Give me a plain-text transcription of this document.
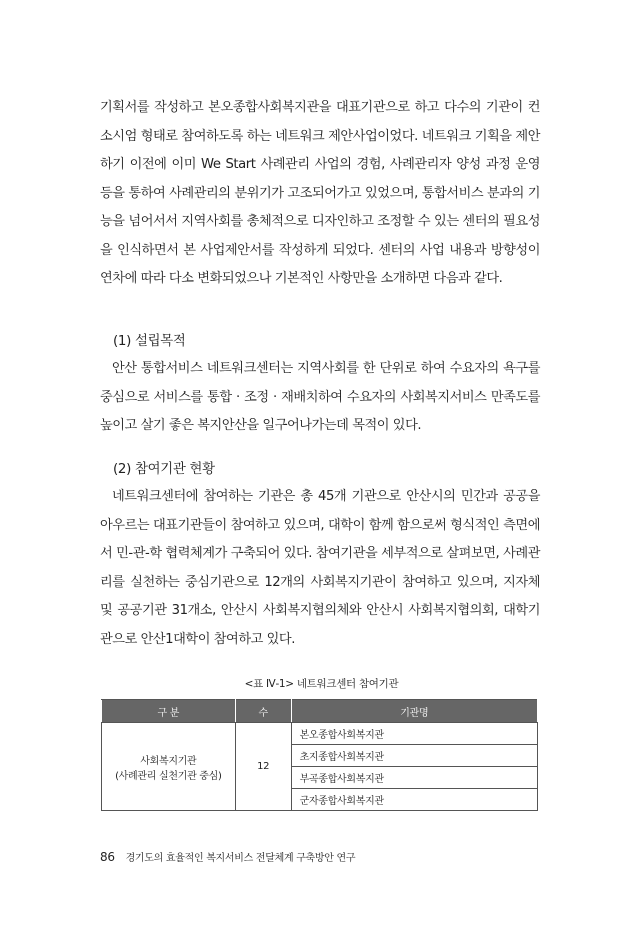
기획서를 작성하고 본오종합사회복지관을 대표기관으로 하고 다수의 기관이 컨소시엄 형태로 참여하도록 하는 네트워크 제안사업이었다. 네트워크 기획을 제안하기 이전에 이미 We Start 사례관리 사업의 경험, 사례관리자 양성 과정 운영 등을 통하여 사례관리의 분위기가 고조되어가고 있었으며, 통합서비스 분과의 기능을 넘어서서 지역사회를 총체적으로 디자인하고 조정할 수 있는 센터의 필요성을 인식하면서 본 사업제안서를 작성하게 되었다. 센터의 사업 내용과 방향성이 연차에 따라 다소 변화되었으나 기본적인 사항만을 소개하면 다음과 같다.

(1) 설립목적

안산 통합서비스 네트워크센터는 지역사회를 한 단위로 하여 수요자의 욕구를 중심으로 서비스를 통합 · 조정 · 재배치하여 수요자의 사회복지서비스 만족도를 높이고 살기 좋은 복지안산을 일구어나가는데 목적이 있다.

(2) 참여기관 현황

네트워크센터에 참여하는 기관은 총 45개 기관으로 안산시의 민간과 공공을 아우르는 대표기관들이 참여하고 있으며, 대학이 함께 함으로써 형식적인 측면에서 민-관-학 협력체계가 구축되어 있다. 참여기관을 세부적으로 살펴보면, 사례관리를 실천하는 중심기관으로 12개의 사회복지기관이 참여하고 있으며, 지자체 및 공공기관 31개소, 안산시 사회복지협의체와 안산시 사회복지협의회, 대학기관으로 안산1대학이 참여하고 있다.

<표 Ⅳ-1> 네트워크센터 참여기관
구 분	수	기관명

사회복지기관
(사례관리 실천기관 중심)	12	본오종합사회복지관
		초지종합사회복지관
		부곡종합사회복지관
		군자종합사회복지관
86 경기도의 효율적인 복지서비스 전달체계 구축방안 연구
